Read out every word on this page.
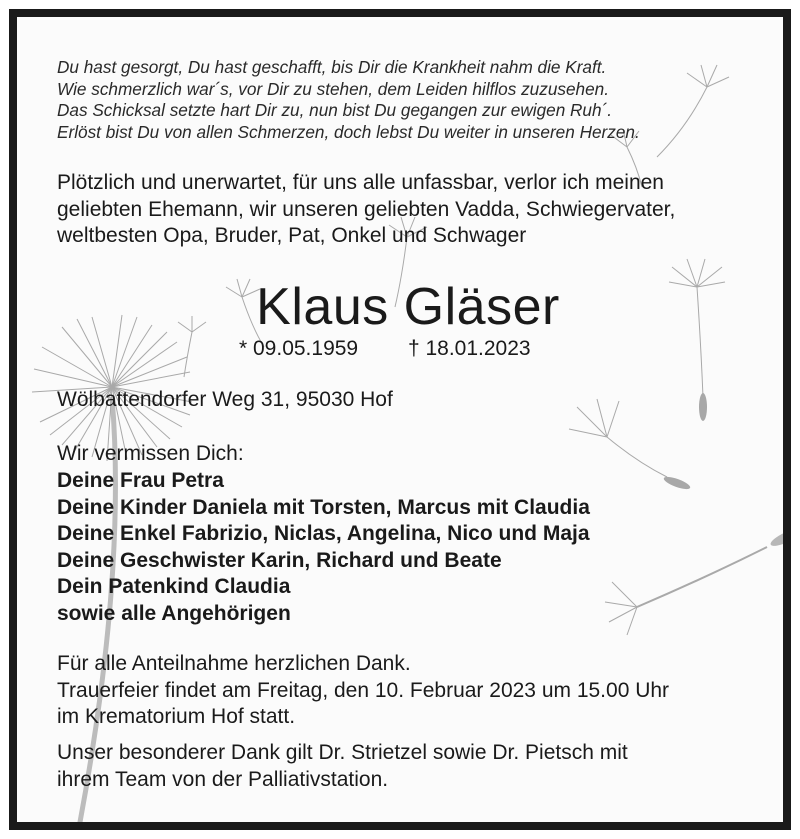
Du hast gesorgt, Du hast geschafft, bis Dir die Krankheit nahm die Kraft.
Wie schmerzlich war´s, vor Dir zu stehen, dem Leiden hilflos zuzusehen.
Das Schicksal setzte hart Dir zu, nun bist Du gegangen zur ewigen Ruh´.
Erlöst bist Du von allen Schmerzen, doch lebst Du weiter in unseren Herzen.
Plötzlich und unerwartet, für uns alle unfassbar, verlor ich meinen
geliebten Ehemann, wir unseren geliebten Vadda, Schwiegervater,
weltbesten Opa, Bruder, Pat, Onkel und Schwager
Klaus Gläser
* 09.05.1959 † 18.01.2023
Wölbattendorfer Weg 31, 95030 Hof
Wir vermissen Dich:
Deine Frau Petra
Deine Kinder Daniela mit Torsten, Marcus mit Claudia
Deine Enkel Fabrizio, Niclas, Angelina, Nico und Maja
Deine Geschwister Karin, Richard und Beate
Dein Patenkind Claudia
sowie alle Angehörigen
Für alle Anteilnahme herzlichen Dank.
Trauerfeier findet am Freitag, den 10. Februar 2023 um 15.00 Uhr
im Krematorium Hof statt.
Unser besonderer Dank gilt Dr. Strietzel sowie Dr. Pietsch mit
ihrem Team von der Palliativstation.
